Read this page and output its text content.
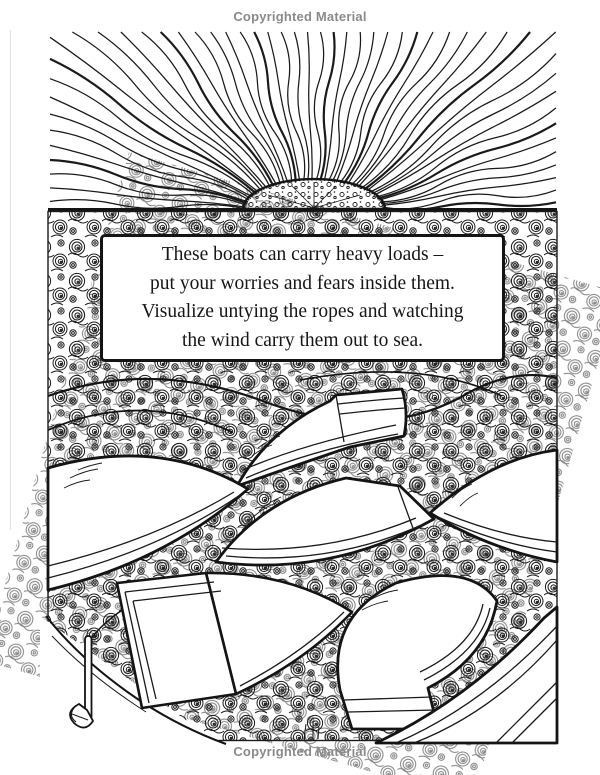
Copyrighted Material
These boats can carry heavy loads –
put your worries and fears inside them.
Visualize untying the ropes and watching
the wind carry them out to sea.
Copyrighted Material
